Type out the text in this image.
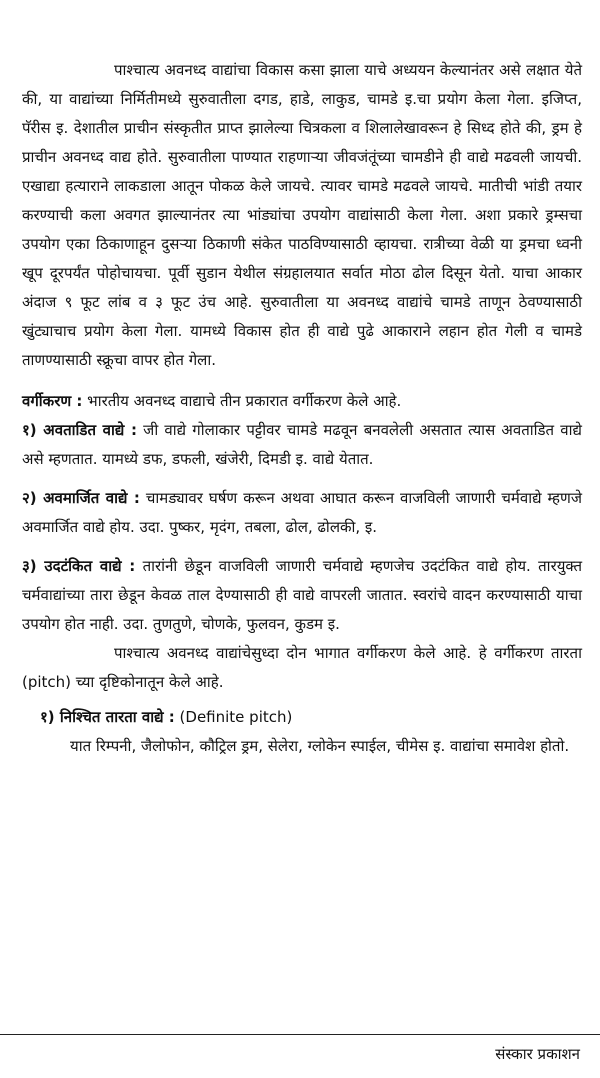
पाश्चात्य अवनध्द वाद्यांचा विकास कसा झाला याचे अध्ययन केल्यानंतर असे लक्षात येते की, या वाद्यांच्या निर्मितीमध्ये सुरुवातीला दगड, हाडे, लाकुड, चामडे इ.चा प्रयोग केला गेला. इजिप्त, पॅरीस इ. देशातील प्राचीन संस्कृतीत प्राप्त झालेल्या चित्रकला व शिलालेखावरून हे सिध्द होते की, ड्रम हे प्राचीन अवनध्द वाद्य होते. सुरुवातीला पाण्यात राहणाऱ्या जीवजंतूंच्या चामडीने ही वाद्ये मढवली जायची. एखाद्या हत्याराने लाकडाला आतून पोकळ केले जायचे. त्यावर चामडे मढवले जायचे. मातीची भांडी तयार करण्याची कला अवगत झाल्यानंतर त्या भांड्यांचा उपयोग वाद्यांसाठी केला गेला. अशा प्रकारे ड्रम्सचा उपयोग एका ठिकाणाहून दुसऱ्या ठिकाणी संकेत पाठविण्यासाठी व्हायचा. रात्रीच्या वेळी या ड्रमचा ध्वनी खूप दूरपर्यंत पोहोचायचा. पूर्वी सुडान येथील संग्रहालयात सर्वात मोठा ढोल दिसून येतो. याचा आकार अंदाज ९ फूट लांब व ३ फूट उंच आहे. सुरुवातीला या अवनध्द वाद्यांचे चामडे ताणून ठेवण्यासाठी खुंट्याचाच प्रयोग केला गेला. यामध्ये विकास होत ही वाद्ये पुढे आकाराने लहान होत गेली व चामडे ताणण्यासाठी स्क्रूचा वापर होत गेला.

वर्गीकरण : भारतीय अवनध्द वाद्याचे तीन प्रकारात वर्गीकरण केले आहे.

१) अवताडित वाद्ये : जी वाद्ये गोलाकार पट्टीवर चामडे मढवून बनवलेली असतात त्यास अवताडित वाद्ये असे म्हणतात. यामध्ये डफ, डफली, खंजेरी, दिमडी इ. वाद्ये येतात.

२) अवमार्जित वाद्ये : चामड्यावर घर्षण करून अथवा आघात करून वाजविली जाणारी चर्मवाद्ये म्हणजे अवमार्जित वाद्ये होय. उदा. पुष्कर, मृदंग, तबला, ढोल, ढोलकी, इ.

३) उदटंकित वाद्ये : तारांनी छेडून वाजविली जाणारी चर्मवाद्ये म्हणजेच उदटंकित वाद्ये होय. तारयुक्त चर्मवाद्यांच्या तारा छेडून केवळ ताल देण्यासाठी ही वाद्ये वापरली जातात. स्वरांचे वादन करण्यासाठी याचा उपयोग होत नाही. उदा. तुणतुणे, चोणके, फुलवन, कुडम इ.

पाश्चात्य अवनध्द वाद्यांचेसुध्दा दोन भागात वर्गीकरण केले आहे. हे वर्गीकरण तारता (pitch) च्या दृष्टिकोनातून केले आहे.

१) निश्चित तारता वाद्ये : (Definite pitch)

यात रिम्पनी, जैलोफोन, कौट्रिल ड्रम, सेलेरा, ग्लोकेन स्पाईल, चीमेस इ. वाद्यांचा समावेश होतो.

संस्कार प्रकाशन
